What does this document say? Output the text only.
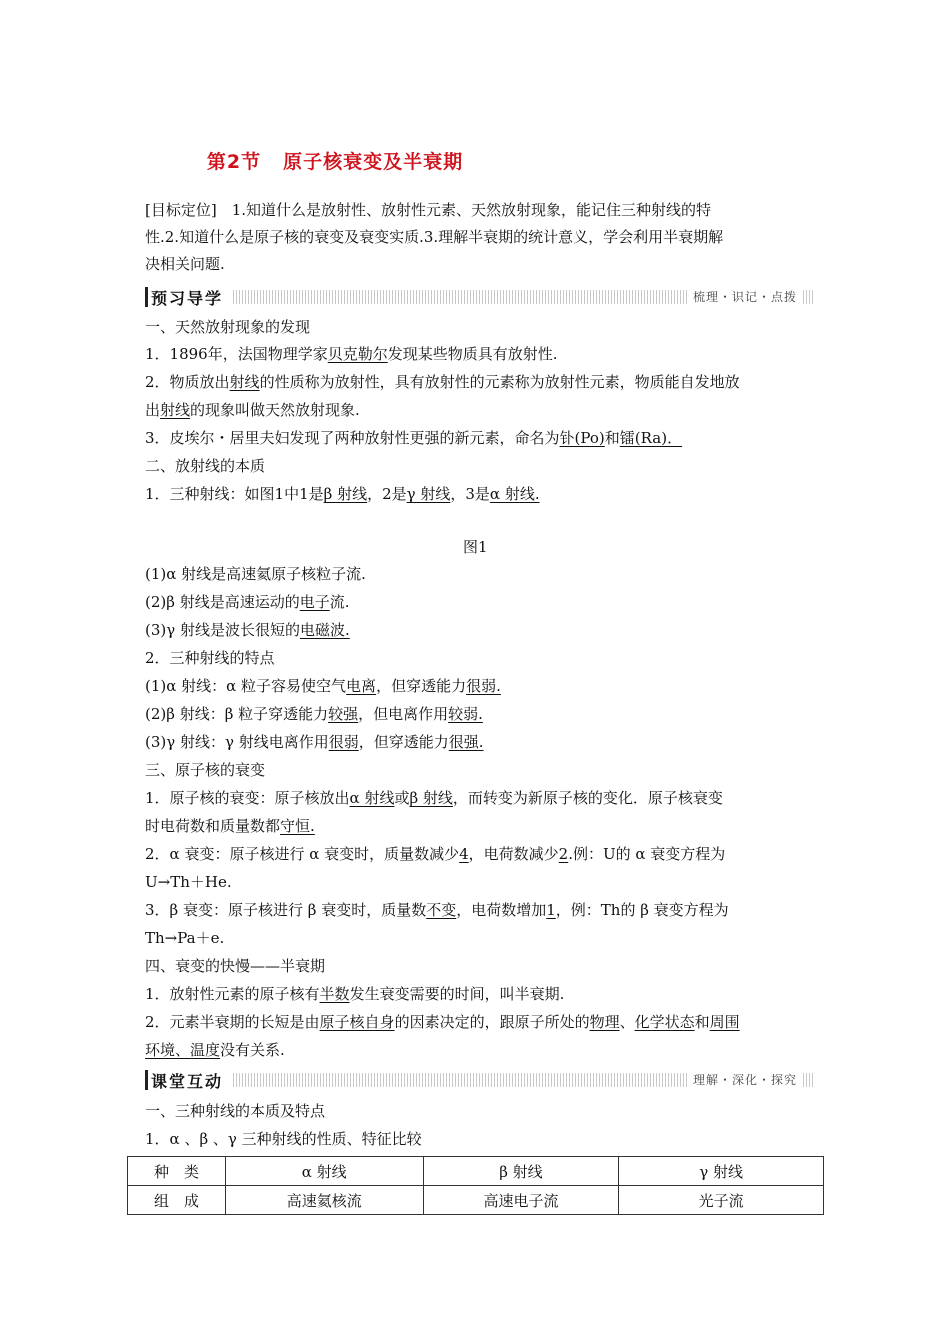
第2节 原子核衰变及半衰期
[目标定位]　1.知道什么是放射性、放射性元素、天然放射现象，能记住三种射线的特
性.2.知道什么是原子核的衰变及衰变实质.3.理解半衰期的统计意义，学会利用半衰期解
决相关问题.
预习导学	梳理・识记・点拨
一、天然放射现象的发现
1．1896年，法国物理学家贝克勒尔发现某些物质具有放射性.
2．物质放出射线的性质称为放射性，具有放射性的元素称为放射性元素，物质能自发地放
出射线的现象叫做天然放射现象.
3．皮埃尔・居里夫妇发现了两种放射性更强的新元素，命名为钋(Po)和镭(Ra)．
二、放射线的本质
1．三种射线：如图1中1是β 射线，2是γ 射线，3是α 射线.
图1
(1)α 射线是高速氦原子核粒子流.
(2)β 射线是高速运动的电子流.
(3)γ 射线是波长很短的电磁波.
2．三种射线的特点
(1)α 射线：α 粒子容易使空气电离，但穿透能力很弱.
(2)β 射线：β 粒子穿透能力较强，但电离作用较弱.
(3)γ 射线：γ 射线电离作用很弱，但穿透能力很强.
三、原子核的衰变
1．原子核的衰变：原子核放出α 射线或β 射线，而转变为新原子核的变化．原子核衰变
时电荷数和质量数都守恒.
2．α 衰变：原子核进行 α 衰变时，质量数减少4，电荷数减少2.例：U的 α 衰变方程为
U→Th＋He.
3．β 衰变：原子核进行 β 衰变时，质量数不变，电荷数增加1，例：Th的 β 衰变方程为
Th→Pa＋e.
四、衰变的快慢——半衰期
1．放射性元素的原子核有半数发生衰变需要的时间，叫半衰期.
2．元素半衰期的长短是由原子核自身的因素决定的，跟原子所处的物理、化学状态和周围
环境、温度没有关系.
课堂互动	理解・深化・探究
一、三种射线的本质及特点
1．α 、β 、γ 三种射线的性质、特征比较
种　类	α 射线	β 射线	γ 射线
组　成	高速氦核流	高速电子流	光子流
